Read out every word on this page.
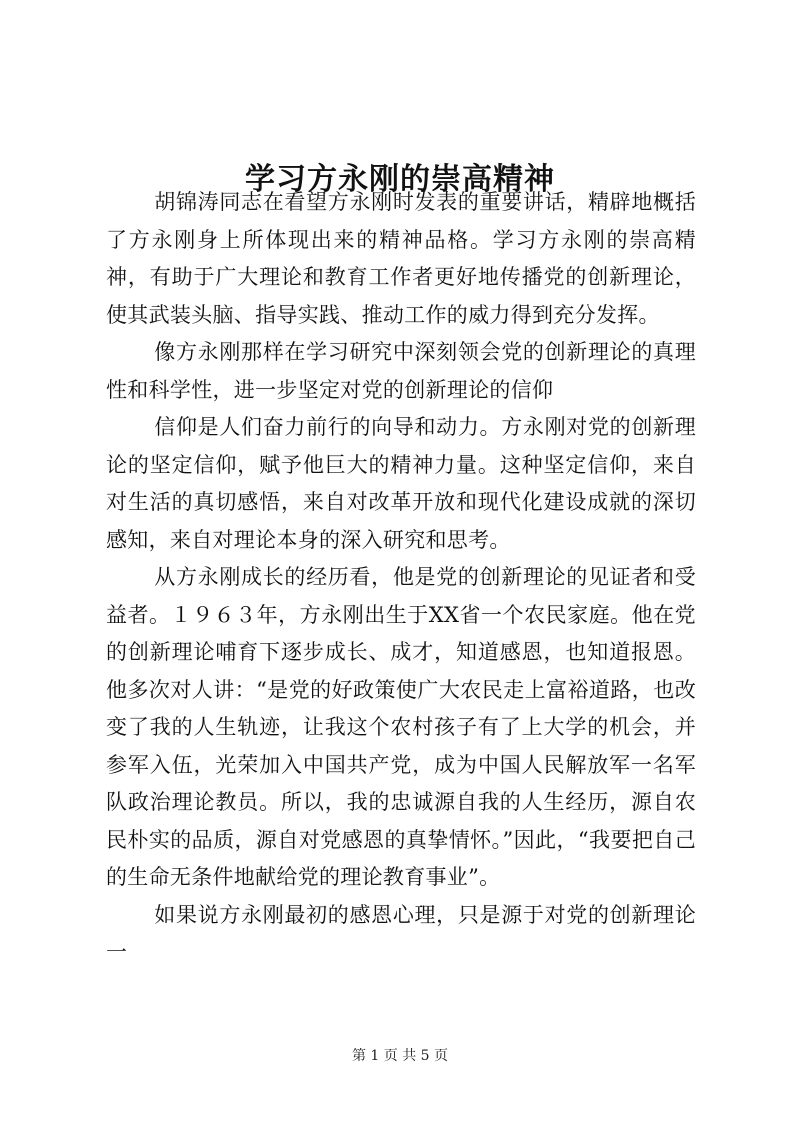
学习方永刚的崇高精神

胡锦涛同志在看望方永刚时发表的重要讲话，精辟地概括了方永刚身上所体现出来的精神品格。学习方永刚的崇高精神，有助于广大理论和教育工作者更好地传播党的创新理论，使其武装头脑、指导实践、推动工作的威力得到充分发挥。

像方永刚那样在学习研究中深刻领会党的创新理论的真理性和科学性，进一步坚定对党的创新理论的信仰

信仰是人们奋力前行的向导和动力。方永刚对党的创新理论的坚定信仰，赋予他巨大的精神力量。这种坚定信仰，来自对生活的真切感悟，来自对改革开放和现代化建设成就的深切感知，来自对理论本身的深入研究和思考。

从方永刚成长的经历看，他是党的创新理论的见证者和受益者。１９６３年，方永刚出生于XX省一个农民家庭。他在党的创新理论哺育下逐步成长、成才，知道感恩，也知道报恩。他多次对人讲：“是党的好政策使广大农民走上富裕道路，也改变了我的人生轨迹，让我这个农村孩子有了上大学的机会，并参军入伍，光荣加入中国共产党，成为中国人民解放军一名军队政治理论教员。所以，我的忠诚源自我的人生经历，源自农民朴实的品质，源自对党感恩的真挚情怀。”因此，“我要把自己的生命无条件地献给党的理论教育事业”。

如果说方永刚最初的感恩心理，只是源于对党的创新理论一

第 1 页 共 5 页
